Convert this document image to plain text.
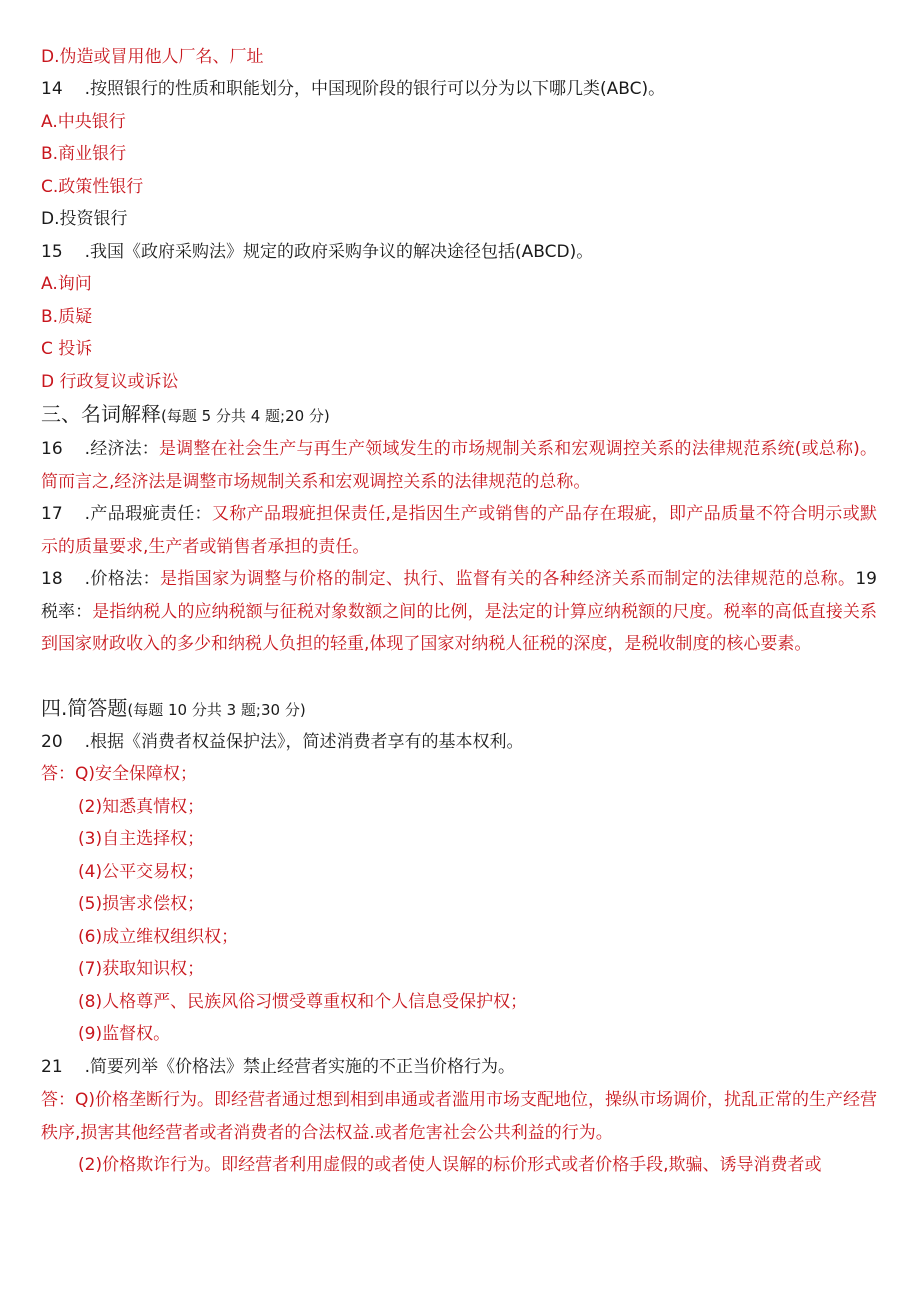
D.伪造或冒用他人厂名、厂址
14 .按照银行的性质和职能划分，中国现阶段的银行可以分为以下哪几类(ABC)。
A.中央银行
B.商业银行
C.政策性银行
D.投资银行
15 .我国《政府采购法》规定的政府采购争议的解决途径包括(ABCD)。
A.询问
B.质疑
C 投诉
D 行政复议或诉讼
三、名词解释(每题 5 分共 4 题;20 分)
16 .经济法：是调整在社会生产与再生产领域发生的市场规制关系和宏观调控关系的法律规范系统(或总称)。简而言之,经济法是调整市场规制关系和宏观调控关系的法律规范的总称。
17 .产品瑕疵责任：又称产品瑕疵担保责任,是指因生产或销售的产品存在瑕疵，即产品质量不符合明示或默示的质量要求,生产者或销售者承担的责任。
18 .价格法：是指国家为调整与价格的制定、执行、监督有关的各种经济关系而制定的法律规范的总称。19 税率：是指纳税人的应纳税额与征税对象数额之间的比例，是法定的计算应纳税额的尺度。税率的高低直接关系到国家财政收入的多少和纳税人负担的轻重,体现了国家对纳税人征税的深度，是税收制度的核心要素。
四.简答题(每题 10 分共 3 题;30 分)
20 .根据《消费者权益保护法》，简述消费者享有的基本权利。
答：Q)安全保障权；
(2)知悉真情权；
(3)自主选择权；
(4)公平交易权；
(5)损害求偿权；
(6)成立维权组织权；
(7)获取知识权；
(8)人格尊严、民族风俗习惯受尊重权和个人信息受保护权；
(9)监督权。
21 .简要列举《价格法》禁止经营者实施的不正当价格行为。
答：Q)价格垄断行为。即经营者通过想到相到串通或者滥用市场支配地位，操纵市场调价，扰乱正常的生产经营秩序,损害其他经营者或者消费者的合法权益.或者危害社会公共利益的行为。
(2)价格欺诈行为。即经营者利用虚假的或者使人误解的标价形式或者价格手段,欺骗、诱导消费者或
